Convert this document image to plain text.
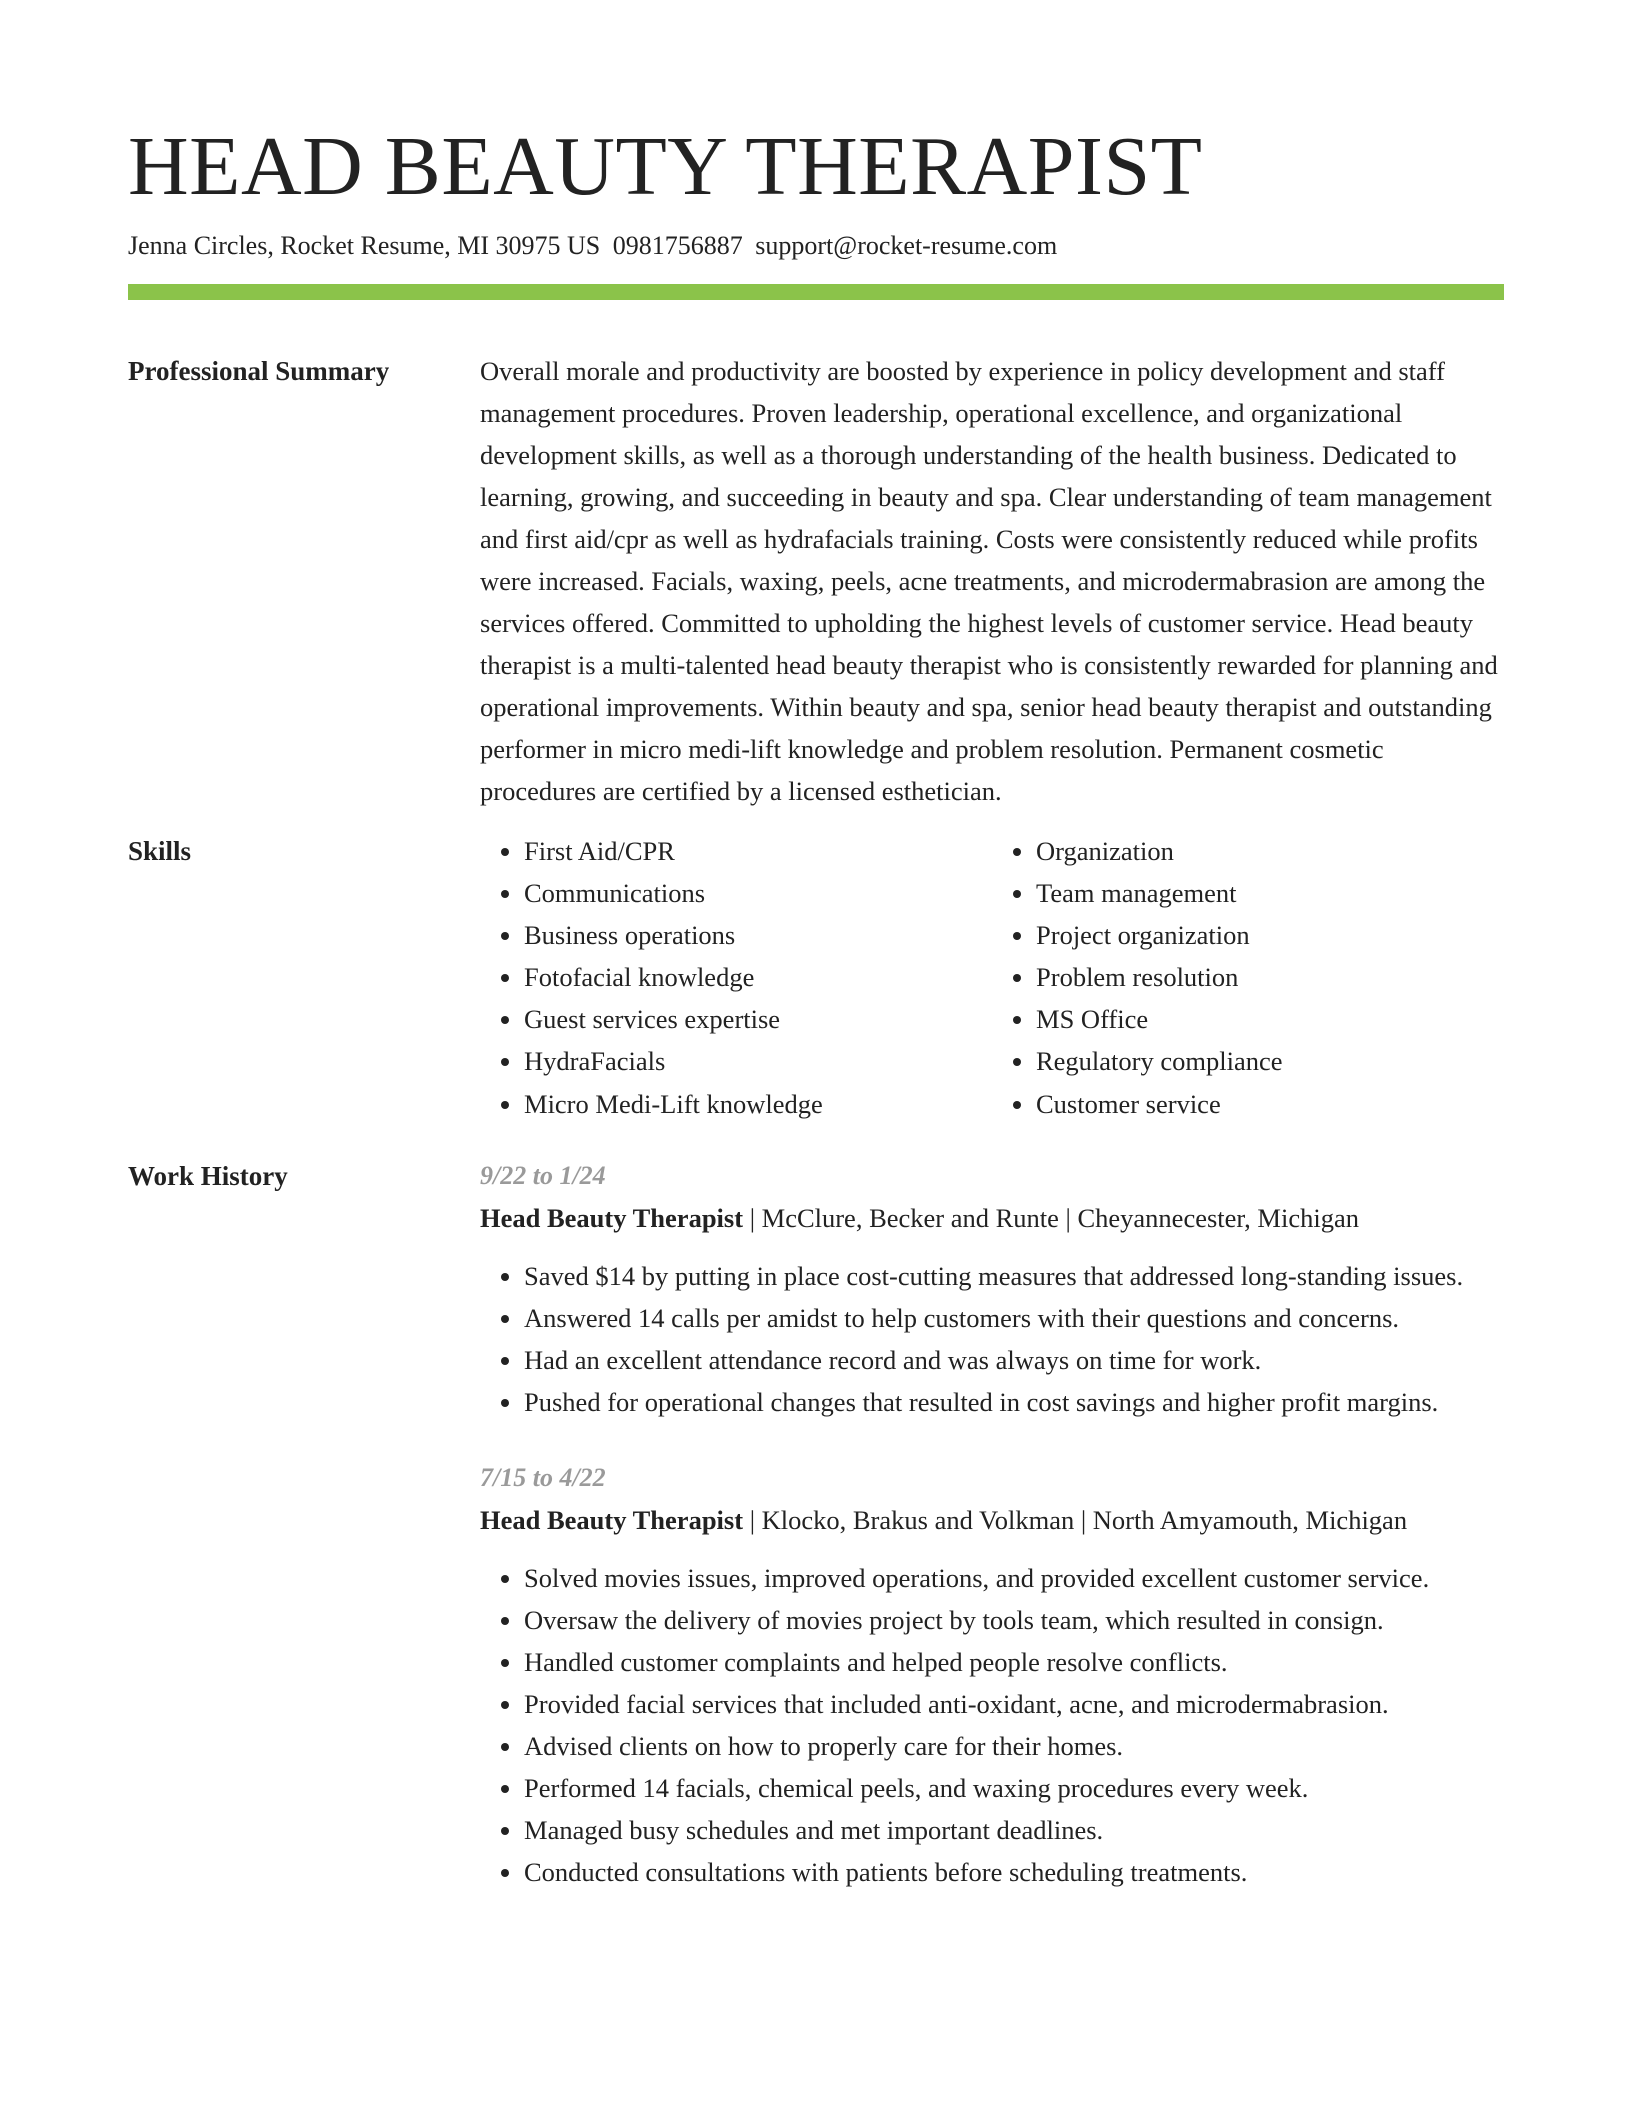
HEAD BEAUTY THERAPIST
Jenna Circles, Rocket Resume, MI 30975 US 0981756887 support@rocket-resume.com
Professional Summary	Overall morale and productivity are boosted by experience in policy development and staff management procedures. Proven leadership, operational excellence, and organizational development skills, as well as a thorough understanding of the health business. Dedicated to learning, growing, and succeeding in beauty and spa. Clear understanding of team management and first aid/cpr as well as hydrafacials training. Costs were consistently reduced while profits were increased. Facials, waxing, peels, acne treatments, and microdermabrasion are among the services offered. Committed to upholding the highest levels of customer service. Head beauty therapist is a multi-talented head beauty therapist who is consistently rewarded for planning and operational improvements. Within beauty and spa, senior head beauty therapist and outstanding performer in micro medi-lift knowledge and problem resolution. Permanent cosmetic procedures are certified by a licensed esthetician.

Skills
•	First Aid/CPR
• Communications
• Business operations
• Fotofacial knowledge
• Guest services expertise
• HydraFacials
• Micro Medi-Lift knowledge
• Organization
• Team management
• Project organization
• Problem resolution
• MS Office
• Regulatory compliance
• Customer service
Work History	9/22 to 1/24
Head Beauty Therapist | McClure, Becker and Runte | Cheyannecester, Michigan
• Saved $14 by putting in place cost-cutting measures that addressed long-standing issues.
• Answered 14 calls per amidst to help customers with their questions and concerns.
• Had an excellent attendance record and was always on time for work.
• Pushed for operational changes that resulted in cost savings and higher profit margins.
7/15 to 4/22
Head Beauty Therapist | Klocko, Brakus and Volkman | North Amyamouth, Michigan
• Solved movies issues, improved operations, and provided excellent customer service.
• Oversaw the delivery of movies project by tools team, which resulted in consign.
• Handled customer complaints and helped people resolve conflicts.
• Provided facial services that included anti-oxidant, acne, and microdermabrasion.
• Advised clients on how to properly care for their homes.
• Performed 14 facials, chemical peels, and waxing procedures every week.
• Managed busy schedules and met important deadlines.
• Conducted consultations with patients before scheduling treatments.
